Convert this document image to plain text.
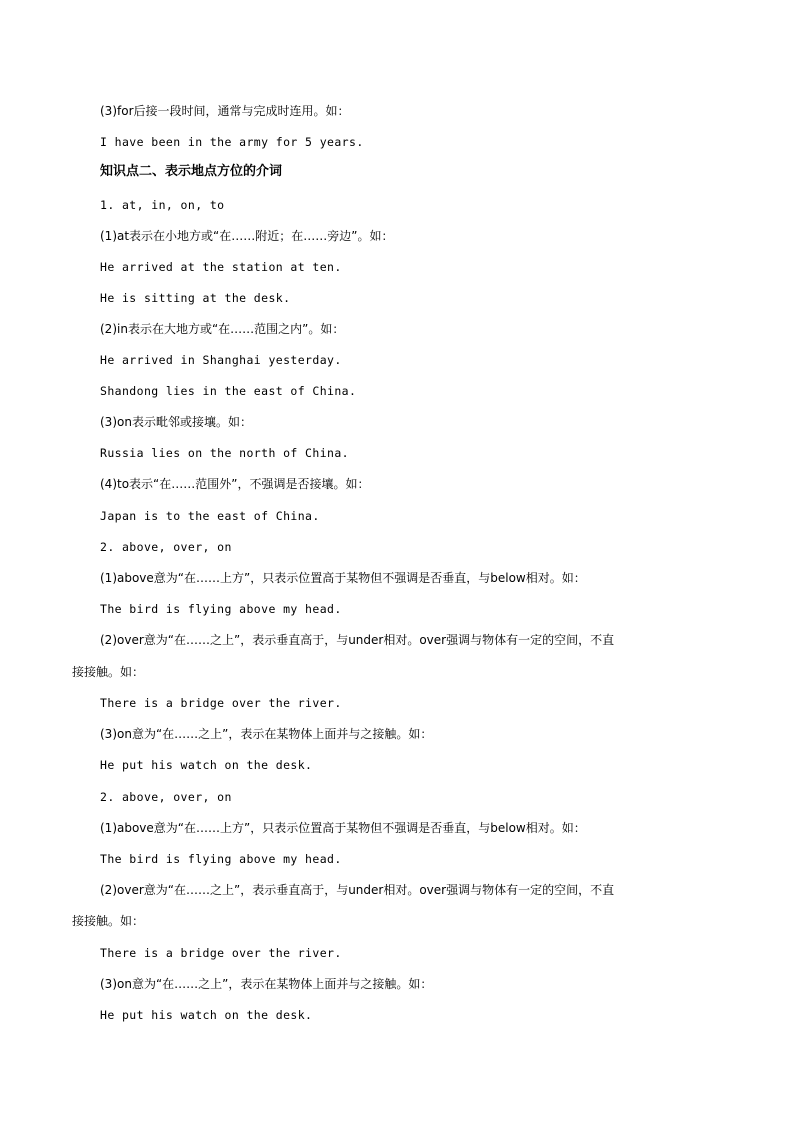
(3)for后接一段时间，通常与完成时连用。如：
I have been in the army for 5 years.
知识点二、表示地点方位的介词
1. at, in, on, to
(1)at表示在小地方或“在……附近；在……旁边”。如：
He arrived at the station at ten.
He is sitting at the desk.
(2)in表示在大地方或“在……范围之内”。如：
He arrived in Shanghai yesterday.
Shandong lies in the east of China.
(3)on表示毗邻或接壤。如：
Russia lies on the north of China.
(4)to表示“在……范围外”，不强调是否接壤。如：
Japan is to the east of China.
2. above, over, on
(1)above意为“在……上方”，只表示位置高于某物但不强调是否垂直，与below相对。如：
The bird is flying above my head.
(2)over意为“在……之上”，表示垂直高于，与under相对。over强调与物体有一定的空间，不直
接接触。如：
There is a bridge over the river.
(3)on意为“在……之上”，表示在某物体上面并与之接触。如：
He put his watch on the desk.
2. above, over, on
(1)above意为“在……上方”，只表示位置高于某物但不强调是否垂直，与below相对。如：
The bird is flying above my head.
(2)over意为“在……之上”，表示垂直高于，与under相对。over强调与物体有一定的空间，不直
接接触。如：
There is a bridge over the river.
(3)on意为“在……之上”，表示在某物体上面并与之接触。如：
He put his watch on the desk.
